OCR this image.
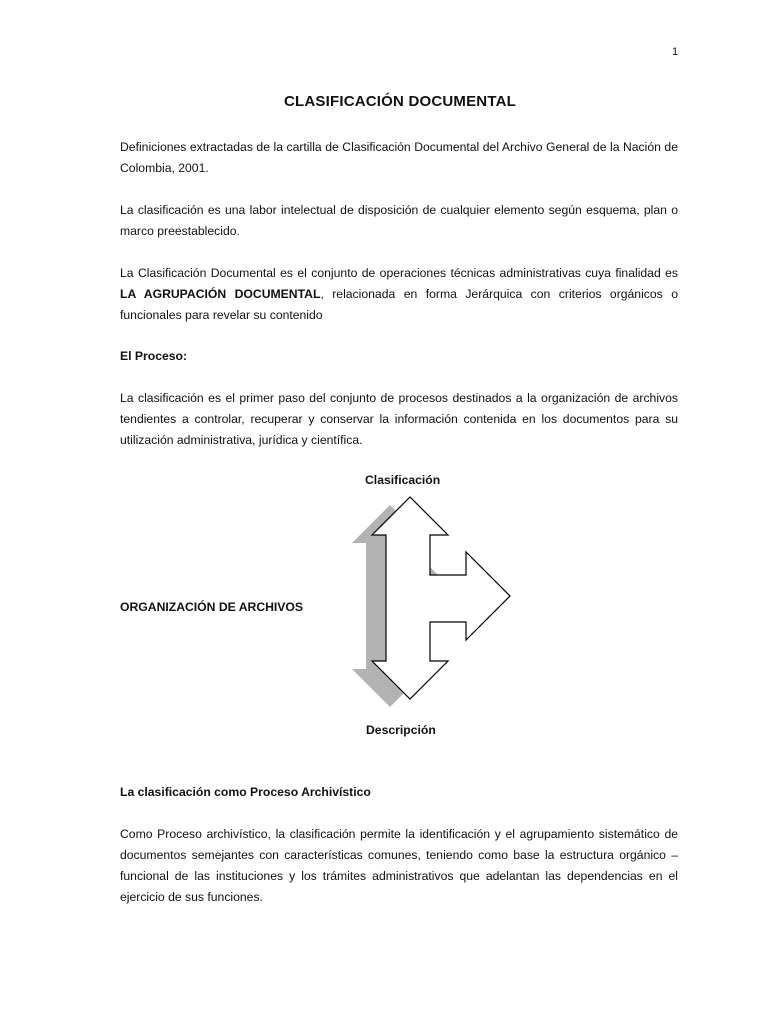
1
CLASIFICACIÓN DOCUMENTAL
Definiciones extractadas de la cartilla de Clasificación Documental del Archivo General de la Nación de Colombia, 2001.
La clasificación es una labor intelectual de disposición de cualquier elemento según esquema, plan o marco preestablecido.
La Clasificación Documental es el conjunto de operaciones técnicas administrativas cuya finalidad es LA AGRUPACIÓN DOCUMENTAL, relacionada en forma Jerárquica con criterios orgánicos o funcionales para revelar su contenido
El Proceso:
La clasificación es el primer paso del conjunto de procesos destinados a la organización de archivos tendientes a controlar, recuperar y conservar la información contenida en los documentos para su utilización administrativa, jurídica y científica.
Clasificación
ORGANIZACIÓN DE ARCHIVOS
Descripción
La clasificación como Proceso Archivístico
Como Proceso archivístico, la clasificación permite la identificación y el agrupamiento sistemático de documentos semejantes con características comunes, teniendo como base la estructura orgánico – funcional de las instituciones y los trámites administrativos que adelantan las dependencias en el ejercicio de sus funciones.
